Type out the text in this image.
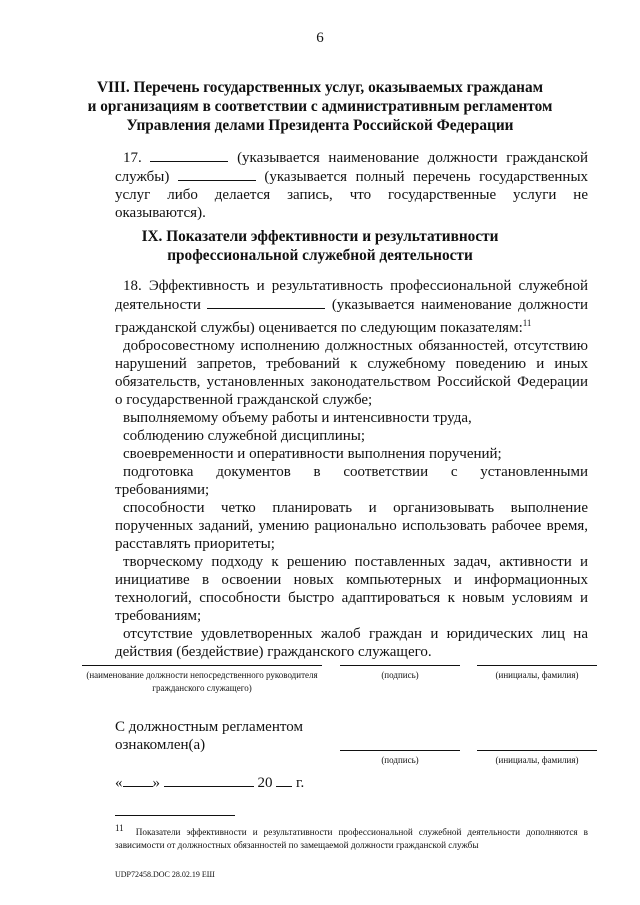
6
VIII. Перечень государственных услуг, оказываемых гражданам
и организациям в соответствии с административным регламентом
Управления делами Президента Российской Федерации

17.	(указывается наименование должности гражданской службы)	(указывается полный перечень государственных услуг либо делается запись, что государственные услуги не оказываются).

IX. Показатели эффективности и результативности
профессиональной служебной деятельности

18. Эффективность и результативность профессиональной служебной деятельности	(указывается наименование должности гражданской службы) оценивается по следующим показателям:$^{11}$

добросовестному исполнению должностных обязанностей, отсутствию нарушений запретов, требований к служебному поведению и иных обязательств, установленных законодательством Российской Федерации о государственной гражданской службе;

выполняемому объему работы и интенсивности труда,

соблюдению служебной дисциплины;

своевременности и оперативности выполнения поручений;

подготовка документов в соответствии с установленными требованиями;

способности четко планировать и организовывать выполнение порученных заданий, умению рационально использовать рабочее время, расставлять приоритеты;

творческому подходу к решению поставленных задач, активности и инициативе в освоении новых компьютерных и информационных технологий, способности быстро адаптироваться к новым условиям и требованиям;

отсутствие удовлетворенных жалоб граждан и юридических лиц на действия (бездействие) гражданского служащего.

(наименование должности непосредственного руководителя гражданского служащего)
(подпись)	(инициалы, фамилия)
С должностным регламентом
ознакомлен(а)
(подпись)	(инициалы, фамилия)
« »	20 г.

$^{11}$ Показатели эффективности и результативности профессиональной служебной деятельности дополняются в зависимости от должностных обязанностей по замещаемой должности гражданской службы

UDP72458.DOC 28.02.19 ЕШ
